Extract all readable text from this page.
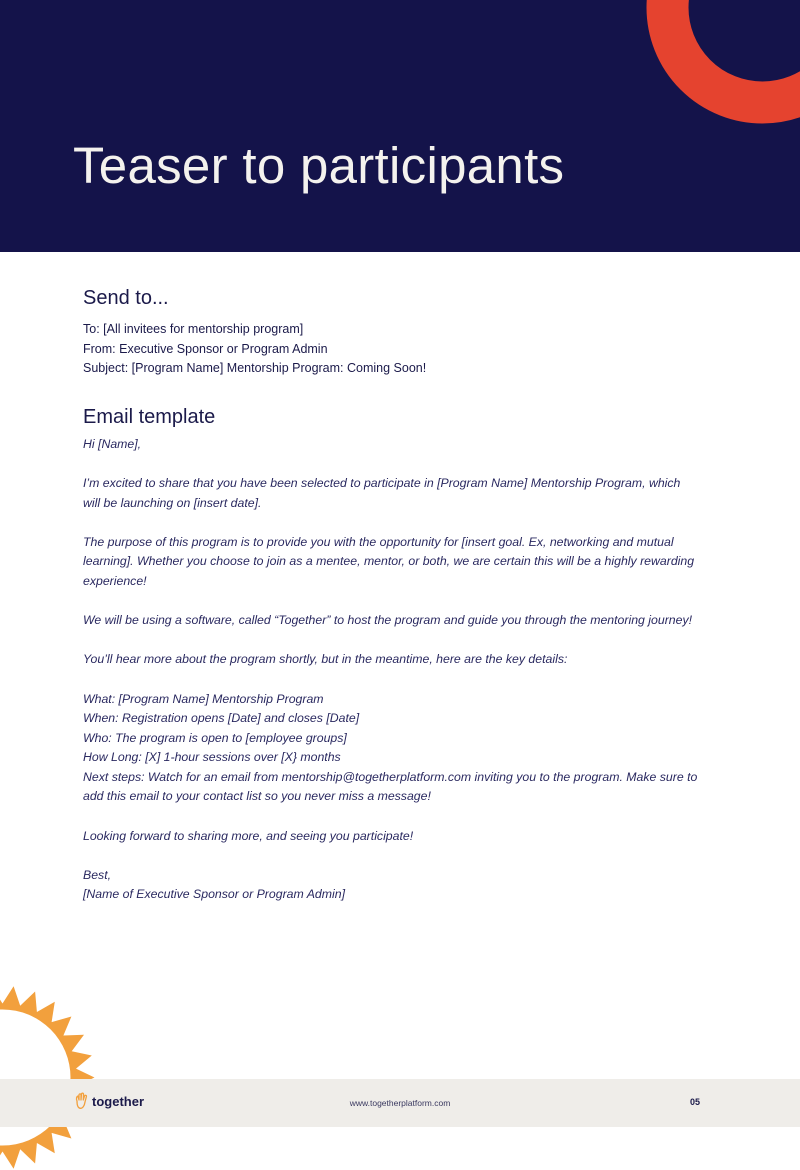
Teaser to participants
Send to...
To: [All invitees for mentorship program]
From: Executive Sponsor or Program Admin
Subject: [Program Name] Mentorship Program: Coming Soon!
Email template

Hi [Name],

I’m excited to share that you have been selected to participate in [Program Name] Mentorship Program, which
will be launching on [insert date].

The purpose of this program is to provide you with the opportunity for [insert goal. Ex, networking and mutual
learning]. Whether you choose to join as a mentee, mentor, or both, we are certain this will be a highly rewarding
experience!

We will be using a software, called “Together” to host the program and guide you through the mentoring journey!

You’ll hear more about the program shortly, but in the meantime, here are the key details:

What: [Program Name] Mentorship Program
When: Registration opens [Date] and closes [Date]
Who: The program is open to [employee groups]
How Long: [X] 1-hour sessions over [X} months
Next steps: Watch for an email from mentorship@togetherplatform.com inviting you to the program. Make sure to
add this email to your contact list so you never miss a message!

Looking forward to sharing more, and seeing you participate!

Best,
[Name of Executive Sponsor or Program Admin]

together	www.togetherplatform.com	05
